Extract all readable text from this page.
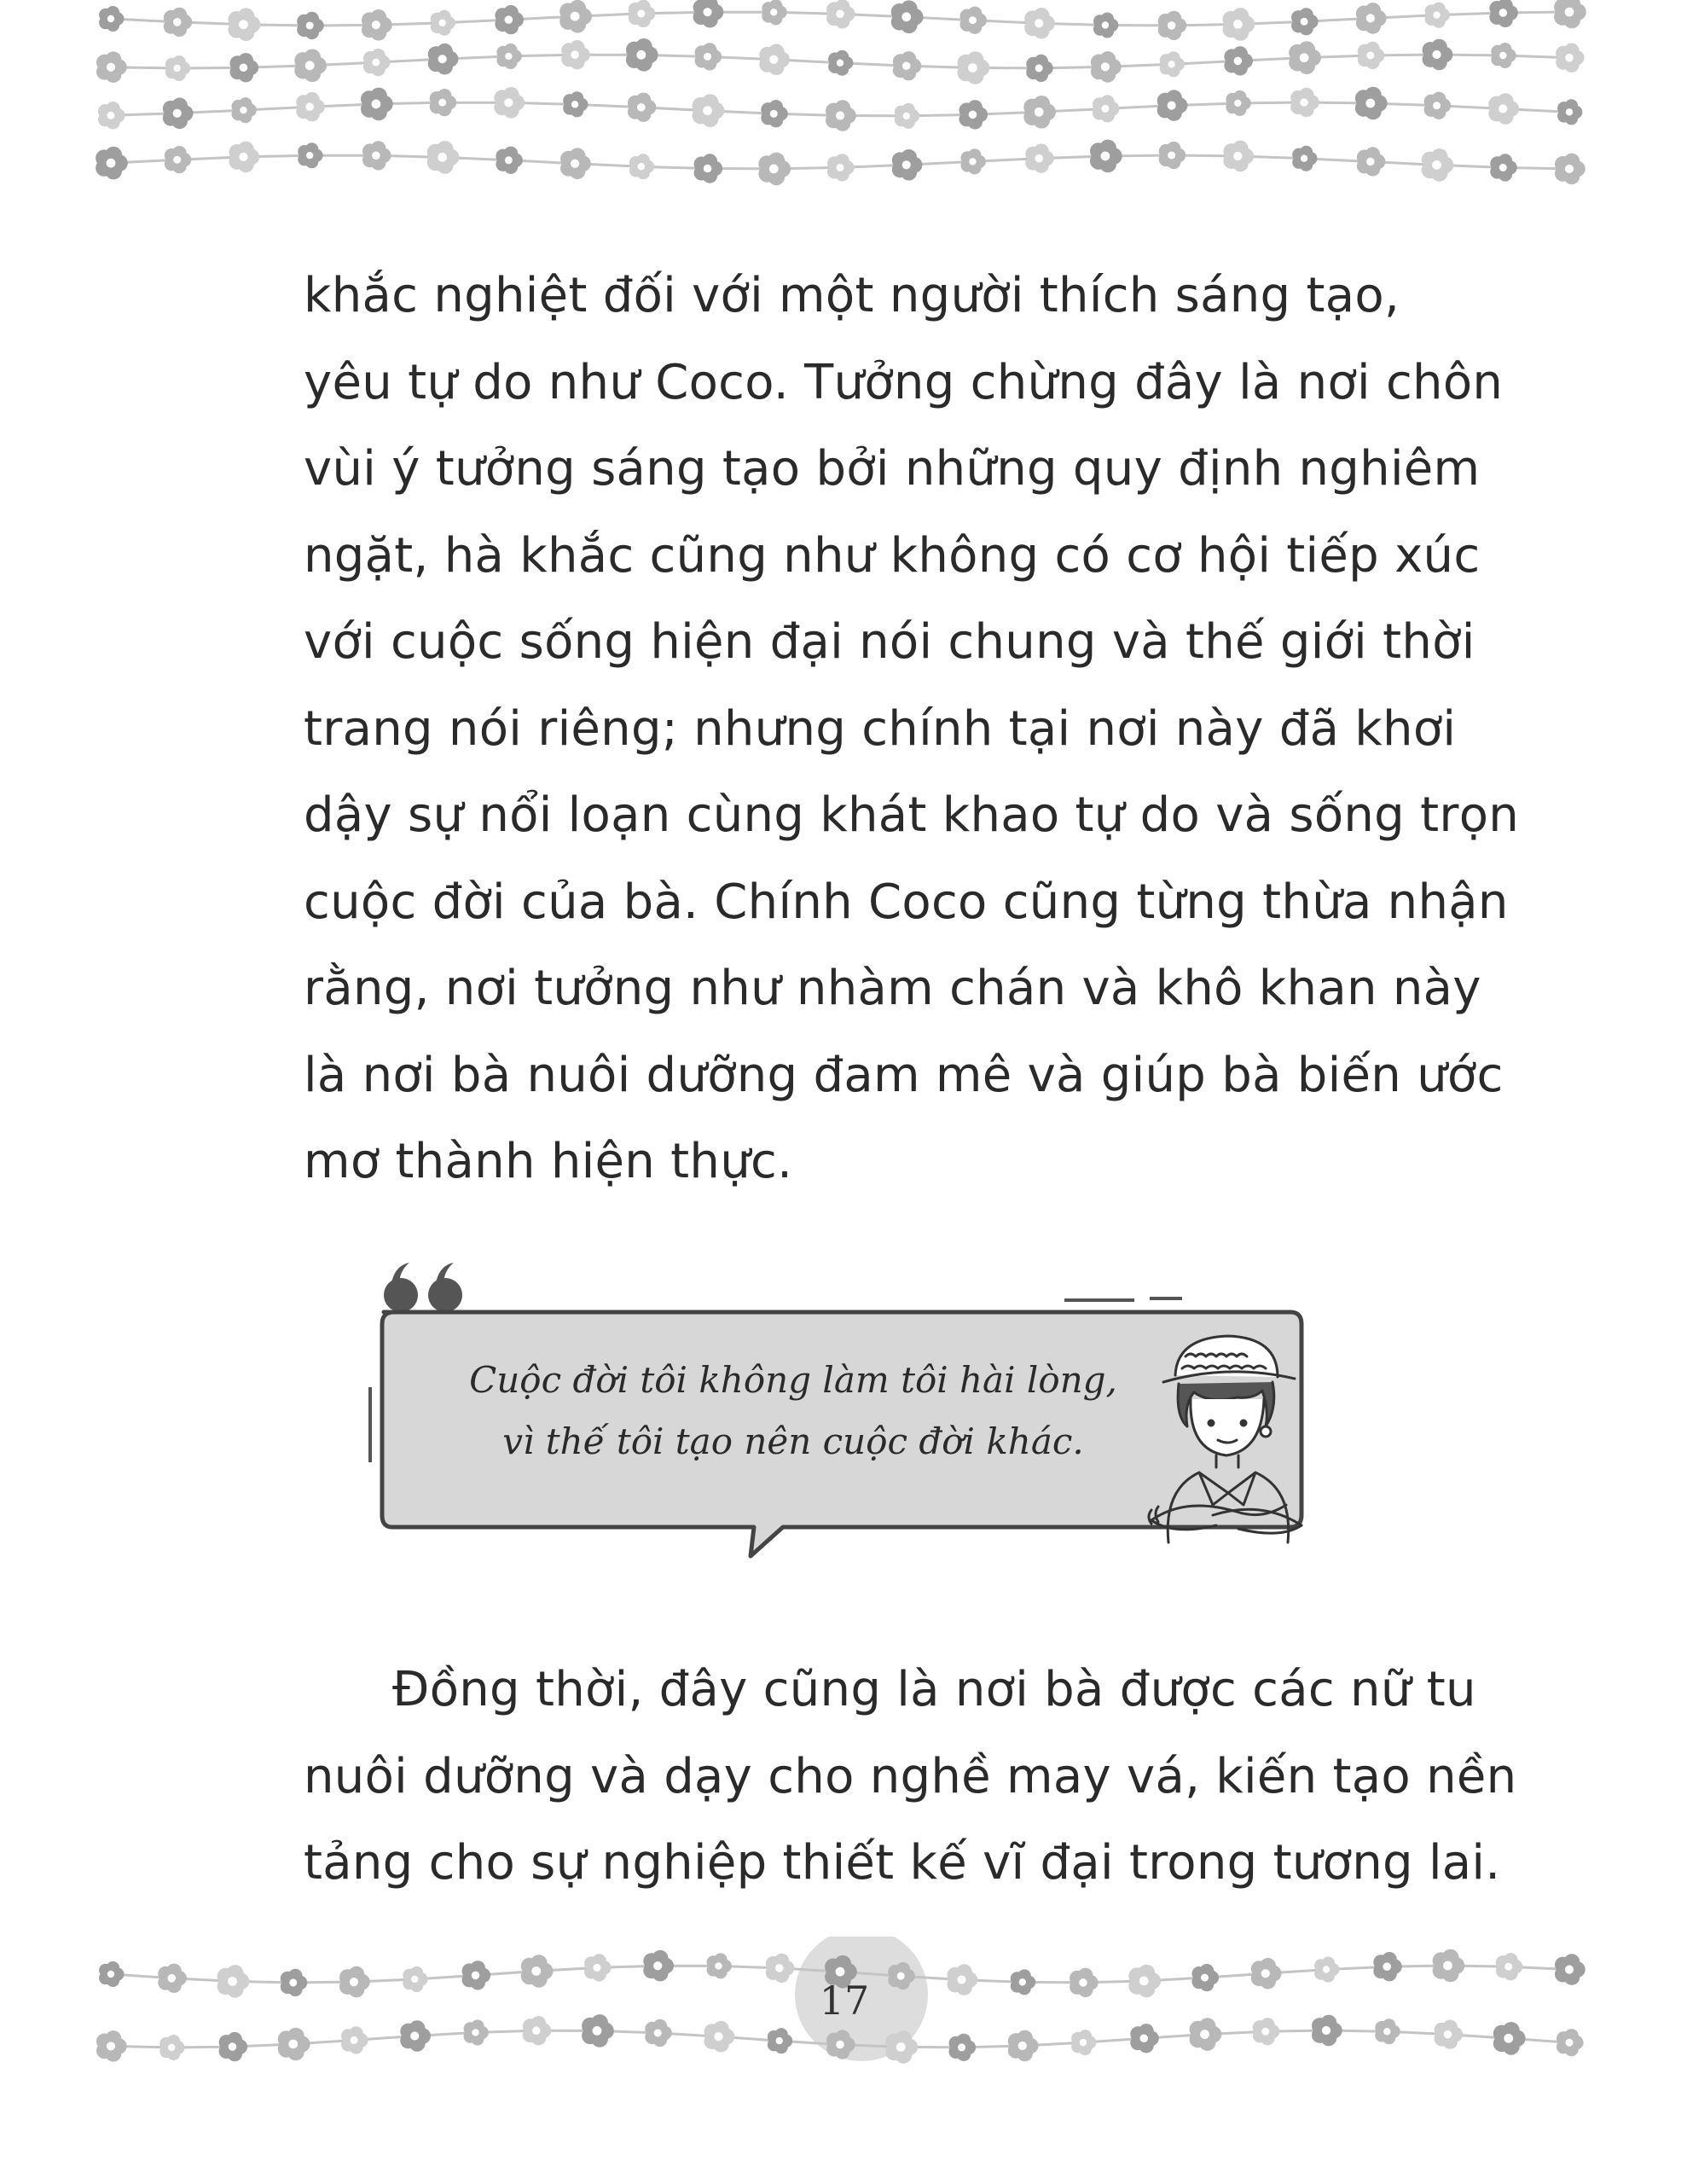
khắc nghiệt đối với một người thích sáng tạo,
yêu tự do như Coco. Tưởng chừng đây là nơi chôn
vùi ý tưởng sáng tạo bởi những quy định nghiêm
ngặt, hà khắc cũng như không có cơ hội tiếp xúc
với cuộc sống hiện đại nói chung và thế giới thời
trang nói riêng; nhưng chính tại nơi này đã khơi
dậy sự nổi loạn cùng khát khao tự do và sống trọn
cuộc đời của bà. Chính Coco cũng từng thừa nhận
rằng, nơi tưởng như nhàm chán và khô khan này
là nơi bà nuôi dưỡng đam mê và giúp bà biến ước
mơ thành hiện thực.

Cuộc đời tôi không làm tôi hài lòng,
vì thế tôi tạo nên cuộc đời khác.

Đồng thời, đây cũng là nơi bà được các nữ tu
nuôi dưỡng và dạy cho nghề may vá, kiến tạo nền
tảng cho sự nghiệp thiết kế vĩ đại trong tương lai.

17
